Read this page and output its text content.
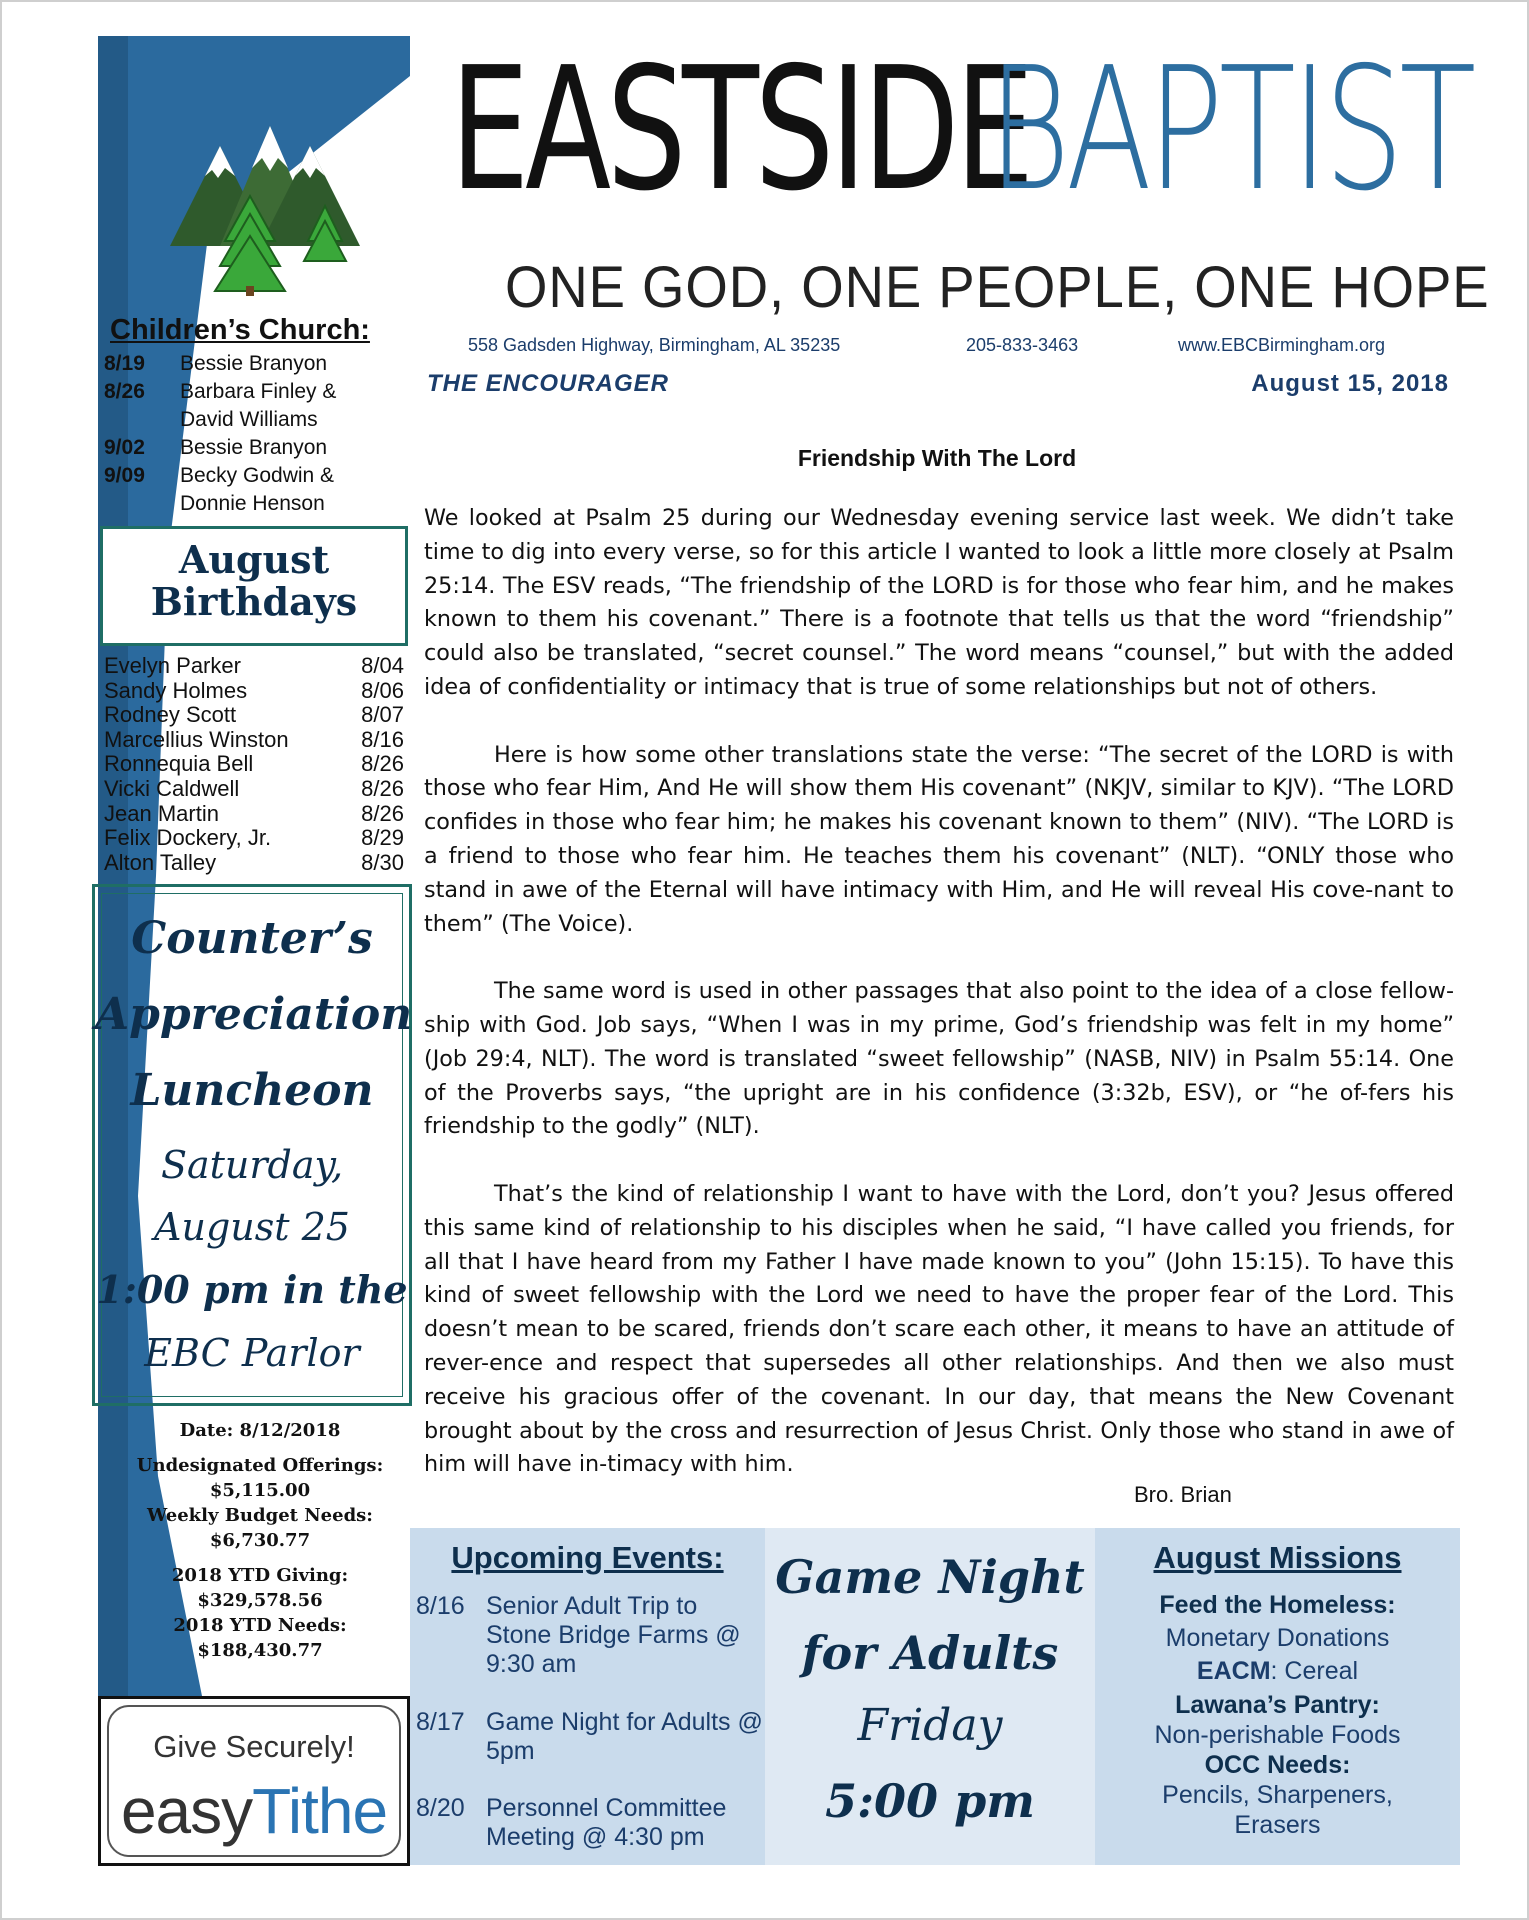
Children’s Church:
8/19	Bessie Branyon
8/26	Barbara Finley &
David Williams
9/02	Bessie Branyon
9/09	Becky Godwin &
Donnie Henson
August
Birthdays
Evelyn Parker	8/04
Sandy Holmes	8/06
Rodney Scott	8/07
Marcellius Winston	8/16
Ronnequia Bell	8/26
Vicki Caldwell	8/26
Jean Martin	8/26
Felix Dockery, Jr.	8/29
Alton Talley	8/30
Counter’s
Appreciation
Luncheon
Saturday,
August 25
1:00 pm in the
EBC Parlor
Date: 8/12/2018
Undesignated Offerings:
$5,115.00
Weekly Budget Needs:
$6,730.77
2018 YTD Giving:
$329,578.56
2018 YTD Needs:
$188,430.77
Give Securely!
easyTithe
EASTSIDE
BAPTIST
ONE GOD, ONE PEOPLE, ONE HOPE
558 Gadsden Highway, Birmingham, AL 35235	205-833-3463	www.EBCBirmingham.org
THE ENCOURAGER	August 15, 2018
Friendship With The Lord

We looked at Psalm 25 during our Wednesday evening service last week. We didn’t take time to dig into every verse, so for this article I wanted to look a little more closely at Psalm 25:14. The ESV reads, “The friendship of the LORD is for those who fear him, and he makes known to them his covenant.” There is a footnote that tells us that the word “friendship” could also be translated, “secret counsel.” The word means “counsel,” but with the added idea of confidentiality or intimacy that is true of some relationships but not of others.

Here is how some other translations state the verse: “The secret of the LORD is with those who fear Him, And He will show them His covenant” (NKJV, similar to KJV). “The LORD confides in those who fear him; he makes his covenant known to them” (NIV). “The LORD is a friend to those who fear him. He teaches them his covenant” (NLT). “ONLY those who stand in awe of the Eternal will have intimacy with Him, and He will reveal His cove-nant to them” (The Voice).

The same word is used in other passages that also point to the idea of a close fellow-ship with God. Job says, “When I was in my prime, God’s friendship was felt in my home” (Job 29:4, NLT). The word is translated “sweet fellowship” (NASB, NIV) in Psalm 55:14. One of the Proverbs says, “the upright are in his confidence (3:32b, ESV), or “he of-fers his friendship to the godly” (NLT).

That’s the kind of relationship I want to have with the Lord, don’t you? Jesus offered this same kind of relationship to his disciples when he said, “I have called you friends, for all that I have heard from my Father I have made known to you” (John 15:15). To have this kind of sweet fellowship with the Lord we need to have the proper fear of the Lord. This doesn’t mean to be scared, friends don’t scare each other, it means to have an attitude of rever-ence and respect that supersedes all other relationships. And then we also must receive his gracious offer of the covenant. In our day, that means the New Covenant brought about by the cross and resurrection of Jesus Christ. Only those who stand in awe of him will have in-timacy with him.

Bro. Brian
Upcoming Events:
8/16 Senior Adult Trip to Stone Bridge Farms @ 9:30 am
8/17 Game Night for Adults @ 5pm
8/20 Personnel Committee Meeting @ 4:30 pm
Game Night
for Adults
Friday
5:00 pm
August Missions
Feed the Homeless:
Monetary Donations
EACM: Cereal
Lawana’s Pantry:
Non-perishable Foods
OCC Needs:
Pencils, Sharpeners,
Erasers
